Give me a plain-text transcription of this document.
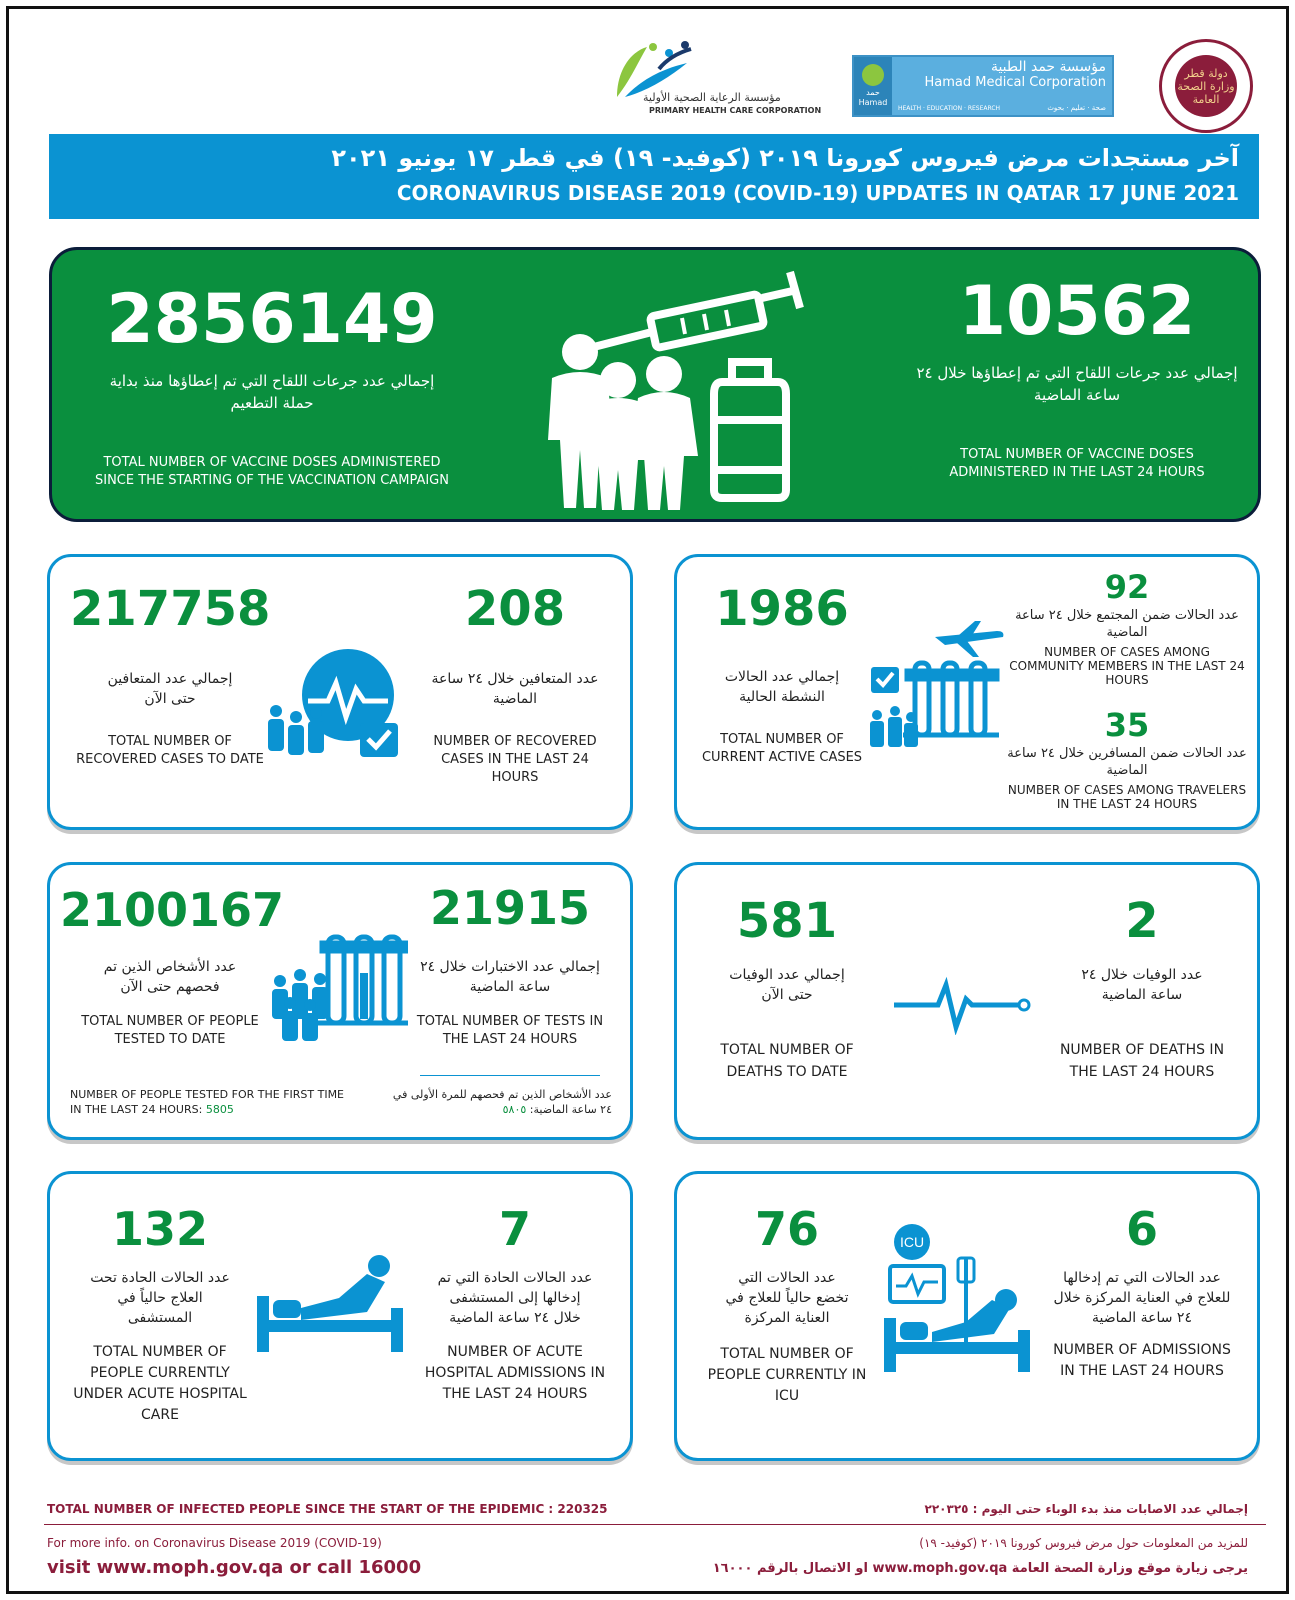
مؤسسة الرعاية الصحية الأولية
PRIMARY HEALTH CARE CORPORATION
حمد
Hamad
مؤسسة حمد الطبية
Hamad Medical Corporation
HEALTH · EDUCATION · RESEARCH	صحة · تعليم · بحوث
دولة قطر وزارة الصحة العامة
آخر مستجدات مرض فيروس كورونا ٢٠١٩ (كوفيد- ١٩) في قطر ١٧ يونيو ٢٠٢١
CORONAVIRUS DISEASE 2019 (COVID-19) UPDATES IN QATAR 17 JUNE 2021
2856149
إجمالي عدد جرعات اللقاح التي تم إعطاؤها منذ بداية حملة التطعيم
TOTAL NUMBER OF VACCINE DOSES ADMINISTERED SINCE THE STARTING OF THE VACCINATION CAMPAIGN
10562
إجمالي عدد جرعات اللقاح التي تم إعطاؤها خلال ٢٤ ساعة الماضية
TOTAL NUMBER OF VACCINE DOSES ADMINISTERED IN THE LAST 24 HOURS
217758
إجمالي عدد المتعافين حتى الآن
TOTAL NUMBER OF RECOVERED CASES TO DATE
208
عدد المتعافين خلال ٢٤ ساعة الماضية
NUMBER OF RECOVERED CASES IN THE LAST 24 HOURS
1986
إجمالي عدد الحالات النشطة الحالية
TOTAL NUMBER OF CURRENT ACTIVE CASES
92
عدد الحالات ضمن المجتمع خلال ٢٤ ساعة الماضية
NUMBER OF CASES AMONG COMMUNITY MEMBERS IN THE LAST 24 HOURS
35
عدد الحالات ضمن المسافرين خلال ٢٤ ساعة الماضية
NUMBER OF CASES AMONG TRAVELERS IN THE LAST 24 HOURS
2100167
عدد الأشخاص الذين تم فحصهم حتى الآن
TOTAL NUMBER OF PEOPLE TESTED TO DATE
21915
إجمالي عدد الاختبارات خلال ٢٤ ساعة الماضية
TOTAL NUMBER OF TESTS IN THE LAST 24 HOURS
NUMBER OF PEOPLE TESTED FOR THE FIRST TIME IN THE LAST 24 HOURS: 5805
عدد الأشخاص الذين تم فحصهم للمرة الأولى في ٢٤ ساعة الماضية: ٥٨٠٥
581
إجمالي عدد الوفيات حتى الآن
TOTAL NUMBER OF DEATHS TO DATE
2
عدد الوفيات خلال ٢٤ ساعة الماضية
NUMBER OF DEATHS IN THE LAST 24 HOURS
132
عدد الحالات الحادة تحت العلاج حالياً في المستشفى
TOTAL NUMBER OF PEOPLE CURRENTLY UNDER ACUTE HOSPITAL CARE
7
عدد الحالات الحادة التي تم إدخالها إلى المستشفى خلال ٢٤ ساعة الماضية
NUMBER OF ACUTE HOSPITAL ADMISSIONS IN THE LAST 24 HOURS
76
عدد الحالات التي تخضع حالياً للعلاج في العناية المركزة
TOTAL NUMBER OF PEOPLE CURRENTLY IN ICU
ICU	6
عدد الحالات التي تم إدخالها للعلاج في العناية المركزة خلال ٢٤ ساعة الماضية
NUMBER OF ADMISSIONS IN THE LAST 24 HOURS
TOTAL NUMBER OF INFECTED PEOPLE SINCE THE START OF THE EPIDEMIC : 220325	إجمالي عدد الاصابات منذ بدء الوباء حتى اليوم : ٢٢٠٣٢٥
For more info. on Coronavirus Disease 2019 (COVID-19)
visit www.moph.gov.qa or call 16000
للمزيد من المعلومات حول مرض فيروس كورونا ٢٠١٩ (كوفيد- ١٩)
يرجى زيارة موقع وزارة الصحة العامة www.moph.gov.qa او الاتصال بالرقم ١٦٠٠٠
